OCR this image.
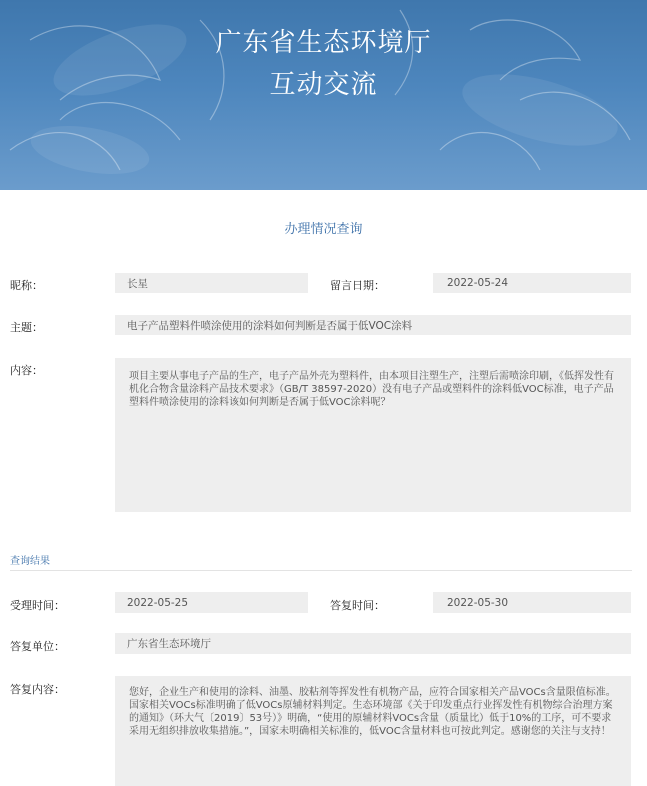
广东省生态环境厅
互动交流
办理情况查询
昵称：	长星	留言日期：	2022-05-24
主题：	电子产品塑料件喷涂使用的涂料如何判断是否属于低VOC涂料
内容：	项目主要从事电子产品的生产，电子产品外壳为塑料件，由本项目注塑生产，注塑后需喷涂印刷，《低挥发性有机化合物含量涂料产品技术要求》（GB/T 38597-2020）没有电子产品或塑料件的涂料低VOC标准，电子产品塑料件喷涂使用的涂料该如何判断是否属于低VOC涂料呢？
查询结果
受理时间：	2022-05-25	答复时间：	2022-05-30
答复单位：	广东省生态环境厅
答复内容：	您好，企业生产和使用的涂料、油墨、胶粘剂等挥发性有机物产品，应符合国家相关产品VOCs含量限值标准。国家相关VOCs标准明确了低VOCs原辅材料判定。生态环境部《关于印发重点行业挥发性有机物综合治理方案的通知》（环大气〔2019〕53号）》明确，“使用的原辅材料VOCs含量（质量比）低于10%的工序，可不要求采用无组织排放收集措施。”，国家未明确相关标准的，低VOC含量材料也可按此判定。感谢您的关注与支持！
